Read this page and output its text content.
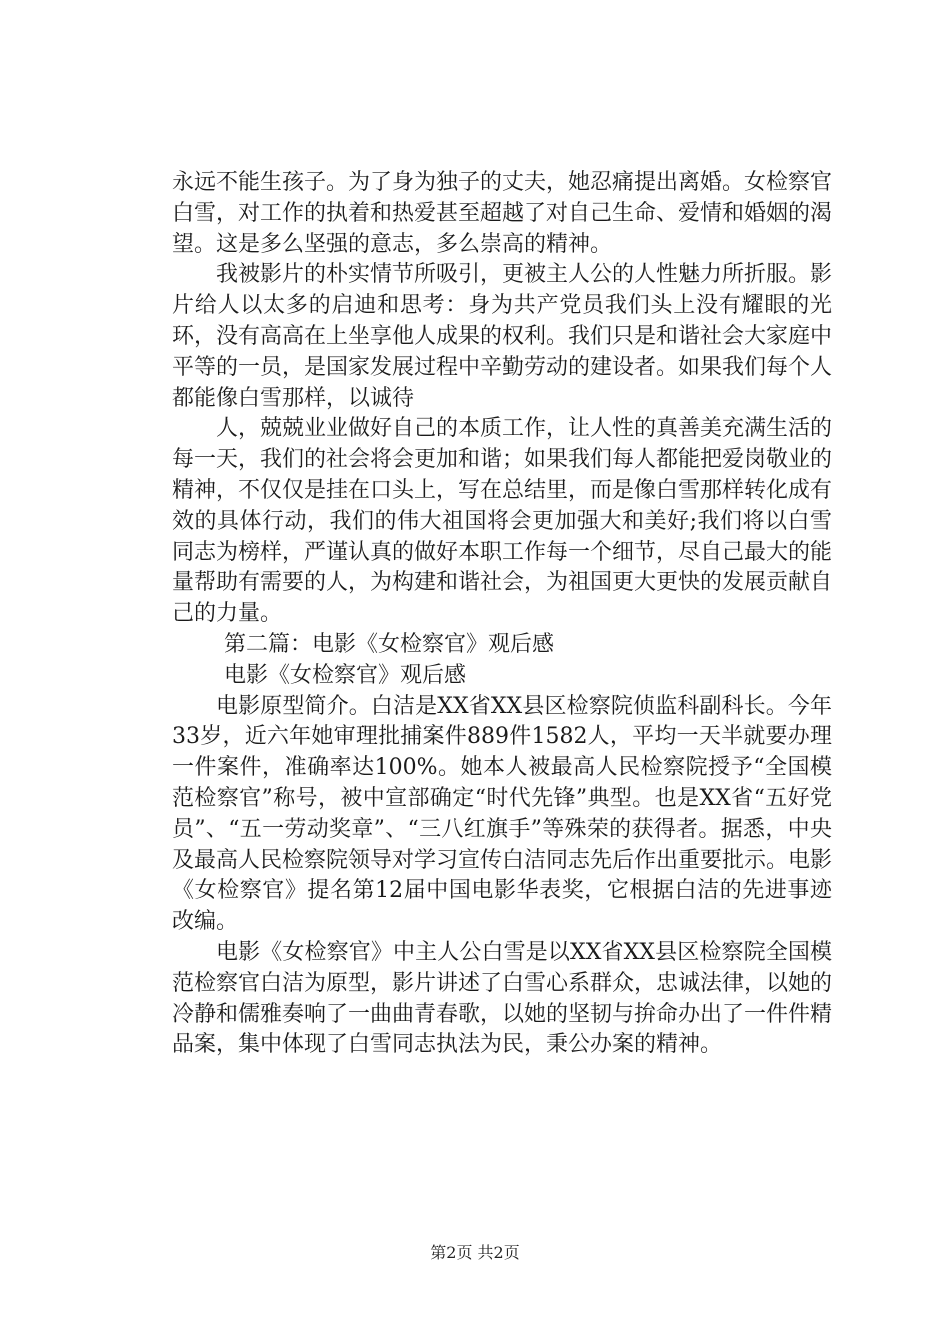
永远不能生孩子。为了身为独子的丈夫，她忍痛提出离婚。女检察官白雪，对工作的执着和热爱甚至超越了对自己生命、爱情和婚姻的渴望。这是多么坚强的意志，多么崇高的精神。

我被影片的朴实情节所吸引，更被主人公的人性魅力所折服。影片给人以太多的启迪和思考：身为共产党员我们头上没有耀眼的光环，没有高高在上坐享他人成果的权利。我们只是和谐社会大家庭中平等的一员，是国家发展过程中辛勤劳动的建设者。如果我们每个人都能像白雪那样，以诚待

人，兢兢业业做好自己的本质工作，让人性的真善美充满生活的每一天，我们的社会将会更加和谐；如果我们每人都能把爱岗敬业的精神，不仅仅是挂在口头上，写在总结里，而是像白雪那样转化成有效的具体行动，我们的伟大祖国将会更加强大和美好;我们将以白雪同志为榜样，严谨认真的做好本职工作每一个细节，尽自己最大的能量帮助有需要的人，为构建和谐社会，为祖国更大更快的发展贡献自己的力量。

第二篇：电影《女检察官》观后感

电影《女检察官》观后感

电影原型简介。白洁是XX省XX县区检察院侦监科副科长。今年33岁，近六年她审理批捕案件889件1582人，平均一天半就要办理一件案件，准确率达100%。她本人被最高人民检察院授予“全国模范检察官”称号，被中宣部确定“时代先锋”典型。也是XX省“五好党员”、“五一劳动奖章”、“三八红旗手”等殊荣的获得者。据悉，中央及最高人民检察院领导对学习宣传白洁同志先后作出重要批示。电影《女检察官》提名第12届中国电影华表奖，它根据白洁的先进事迹改编。

电影《女检察官》中主人公白雪是以XX省XX县区检察院全国模范检察官白洁为原型，影片讲述了白雪心系群众，忠诚法律，以她的冷静和儒雅奏响了一曲曲青春歌，以她的坚韧与拚命办出了一件件精品案，集中体现了白雪同志执法为民，秉公办案的精神。

第2页 共2页
